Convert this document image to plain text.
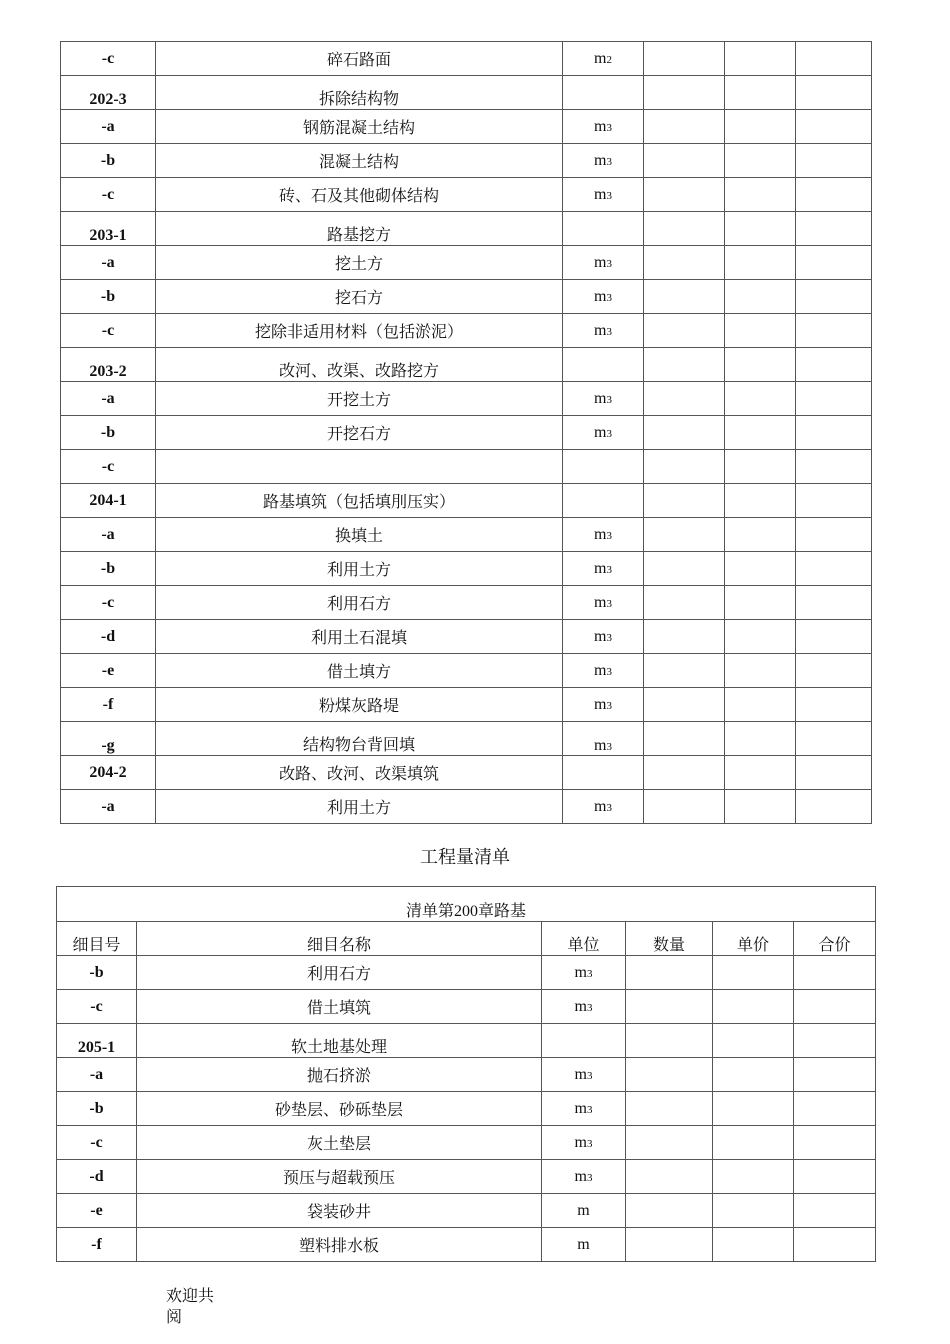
-c	碎石路面	m2			
202-3	拆除结构物				
-a	钢筋混凝土结构	m3			
-b	混凝土结构	m3			
-c	砖、石及其他砌体结构	m3			
203-1	路基挖方				
-a	挖土方	m3			
-b	挖石方	m3			
-c	挖除非适用材料（包括淤泥）	m3			
203-2	改河、改渠、改路挖方				
-a	开挖土方	m3			
-b	开挖石方	m3			
-c					
204-1	路基填筑（包括填刖压实）				
-a	换填土	m3			
-b	利用土方	m3			
-c	利用石方	m3			
-d	利用土石混填	m3			
-e	借土填方	m3			
-f	粉煤灰路堤	m3			
-g	结构物台背回填	m3			
204-2	改路、改河、改渠填筑				
-a	利用土方	m3			
工程量清单
清单第200章路基					
细目号	细目名称	单位	数量	单价	合价
-b	利用石方	m3			
-c	借土填筑	m3			
205-1	软土地基处理				
-a	抛石挤淤	m3			
-b	砂垫层、砂砾垫层	m3			
-c	灰土垫层	m3			
-d	预压与超载预压	m3			
-e	袋装砂井	m			
-f	塑料排水板	m			
欢迎共阅
